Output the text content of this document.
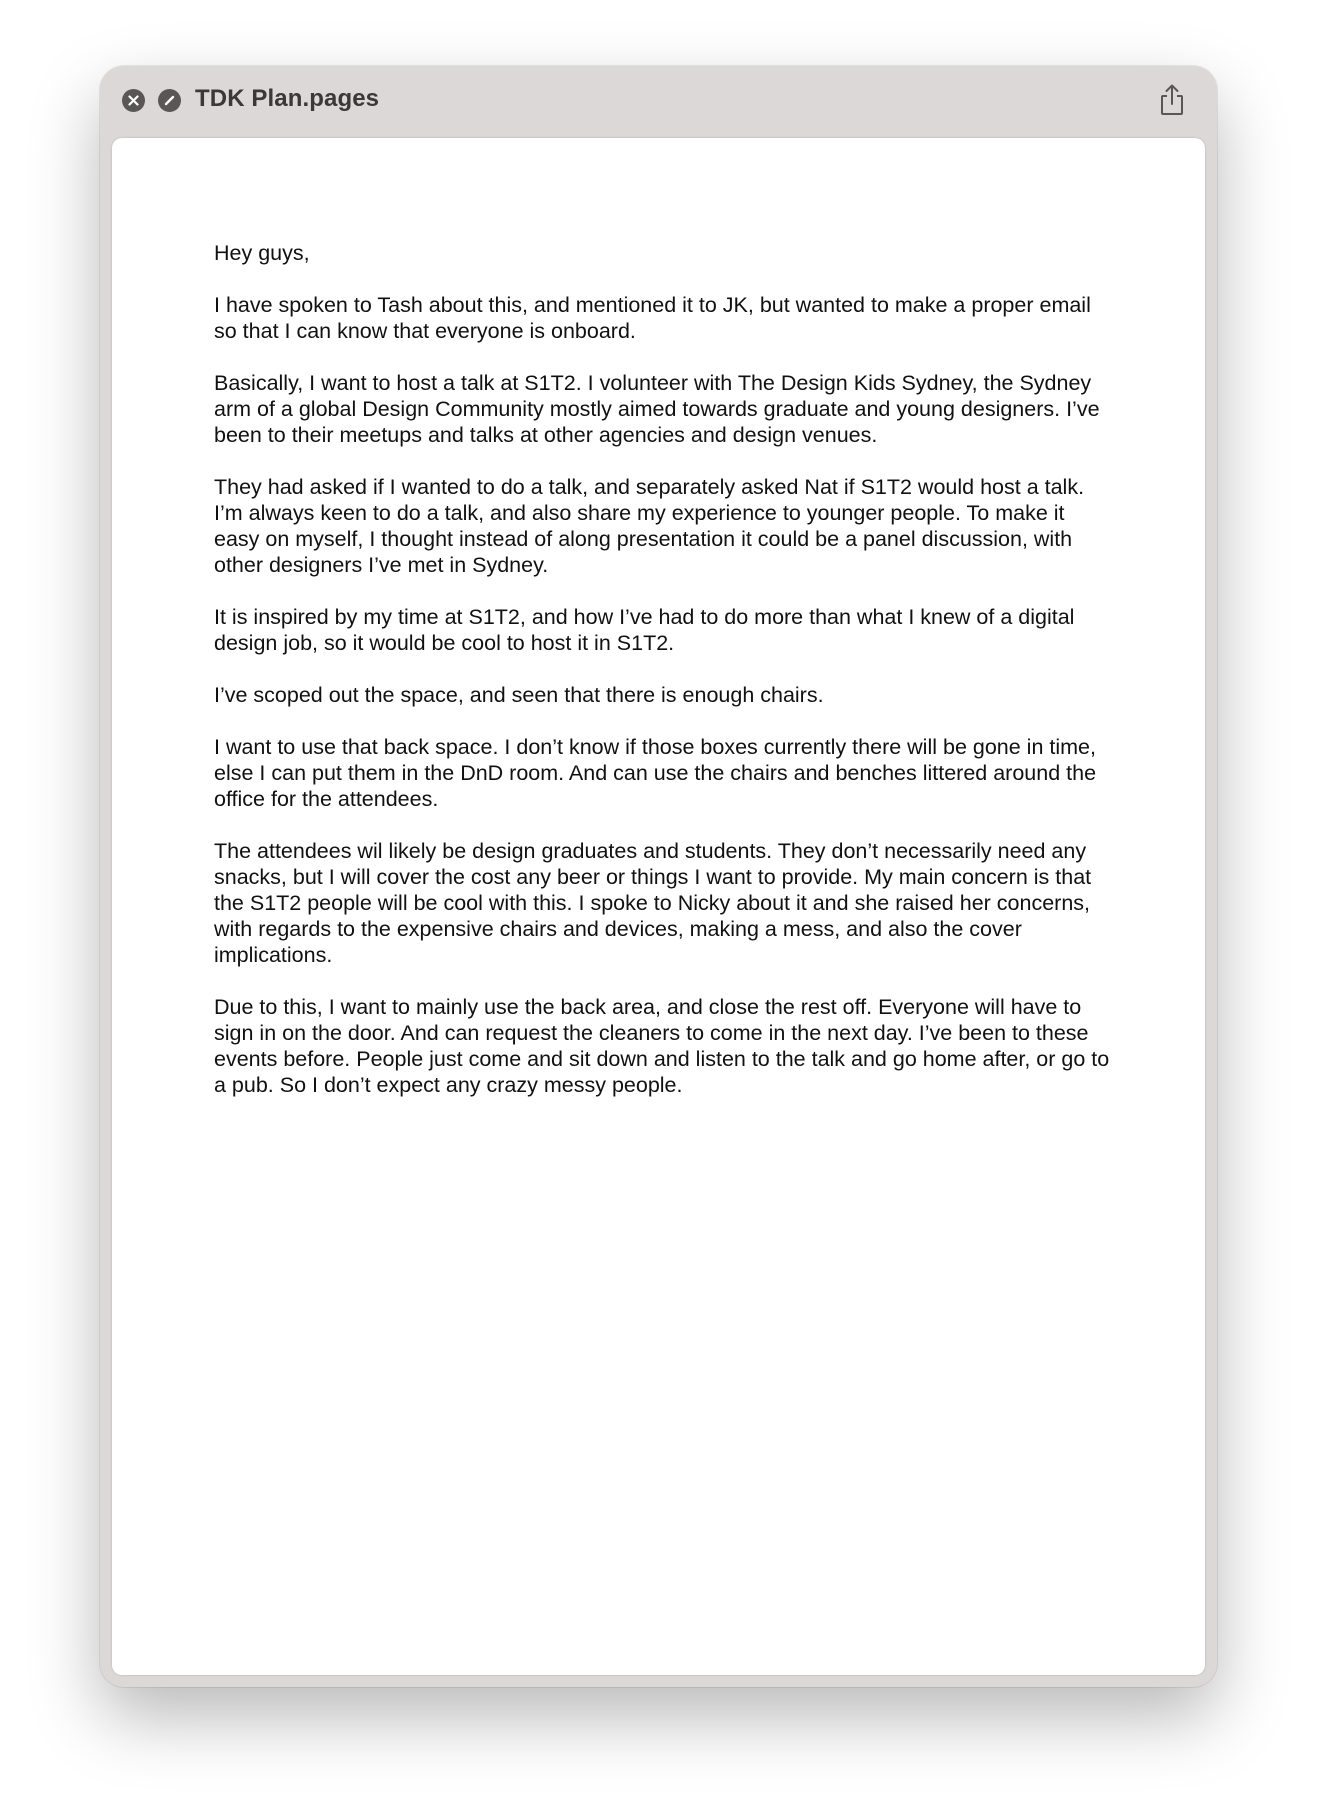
TDK Plan.pages

Hey guys,

I have spoken to Tash about this, and mentioned it to JK, but wanted to make a proper email so that I can know that everyone is onboard.

Basically, I want to host a talk at S1T2. I volunteer with The Design Kids Sydney, the Sydney arm of a global Design Community mostly aimed towards graduate and young designers. I’ve been to their meetups and talks at other agencies and design venues.

They had asked if I wanted to do a talk, and separately asked Nat if S1T2 would host a talk. I’m always keen to do a talk, and also share my experience to younger people. To make it easy on myself, I thought instead of along presentation it could be a panel discussion, with other designers I’ve met in Sydney.

It is inspired by my time at S1T2, and how I’ve had to do more than what I knew of a digital design job, so it would be cool to host it in S1T2.

I’ve scoped out the space, and seen that there is enough chairs.

I want to use that back space. I don’t know if those boxes currently there will be gone in time, else I can put them in the DnD room. And can use the chairs and benches littered around the office for the attendees.

The attendees wil likely be design graduates and students. They don’t necessarily need any snacks, but I will cover the cost any beer or things I want to provide. My main concern is that the S1T2 people will be cool with this. I spoke to Nicky about it and she raised her concerns, with regards to the expensive chairs and devices, making a mess, and also the cover implications.

Due to this, I want to mainly use the back area, and close the rest off. Everyone will have to sign in on the door. And can request the cleaners to come in the next day. I’ve been to these events before. People just come and sit down and listen to the talk and go home after, or go to a pub. So I don’t expect any crazy messy people.
